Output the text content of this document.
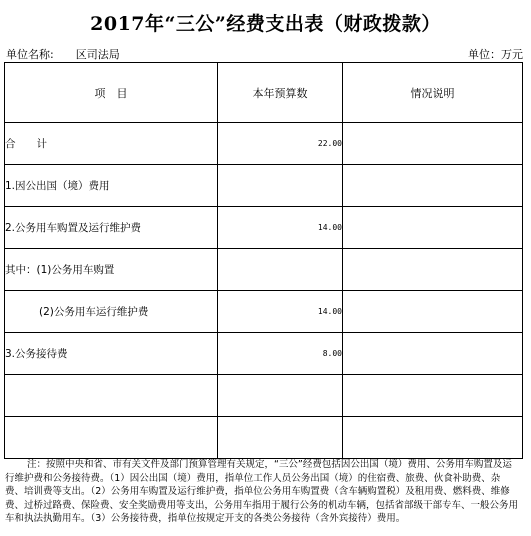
2017年“三公”经费支出表（财政拨款）
单位名称: 区司法局	单位：万元
项　目	本年预算数	情况说明
合　　计	22.00	
1.因公出国（境）费用		
2.公务用车购置及运行维护费	14.00	
其中：(1)公务用车购置		
(2)公务用车运行维护费	14.00	
3.公务接待费	8.00	

注：按照中央和省、市有关文件及部门预算管理有关规定，“三公”经费包括因公出国（境）费用、公务用车购置及运行维护费和公务接待费。（1）因公出国（境）费用，指单位工作人员公务出国（境）的住宿费、旅费、伙食补助费、杂费、培训费等支出。（2）公务用车购置及运行维护费，指单位公务用车购置费（含车辆购置税）及租用费、燃料费、维修费、过桥过路费、保险费、安全奖励费用等支出，公务用车指用于履行公务的机动车辆，包括省部级干部专车、一般公务用车和执法执勤用车。（3）公务接待费，指单位按规定开支的各类公务接待（含外宾接待）费用。
